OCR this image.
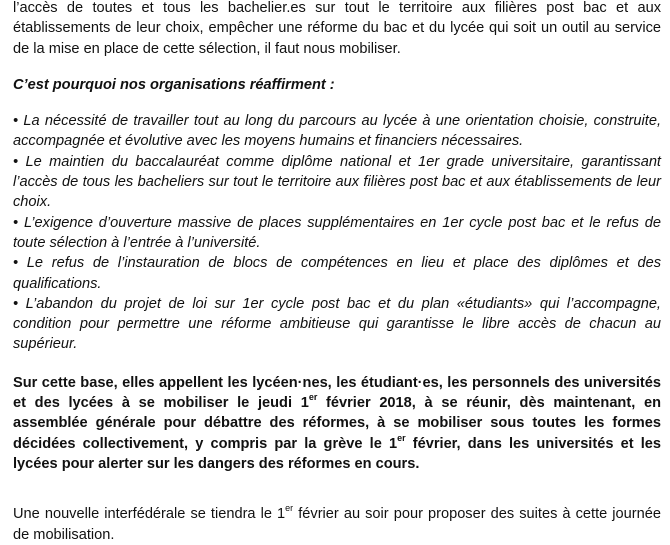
l’accès de toutes et tous les bachelier.es sur tout le territoire aux filières post bac et aux établissements de leur choix, empêcher une réforme du bac et du lycée qui soit un outil au service de la mise en place de cette sélection, il faut nous mobiliser.

C’est pourquoi nos organisations réaffirment :

• La nécessité de travailler tout au long du parcours au lycée à une orientation choisie, construite, accompagnée et évolutive avec les moyens humains et financiers nécessaires.

• Le maintien du baccalauréat comme diplôme national et 1er grade universitaire, garantissant l’accès de tous les bacheliers sur tout le territoire aux filières post bac et aux établissements de leur choix.

• L’exigence d’ouverture massive de places supplémentaires en 1er cycle post bac et le refus de toute sélection à l’entrée à l’université.

• Le refus de l’instauration de blocs de compétences en lieu et place des diplômes et des qualifications.

• L’abandon du projet de loi sur 1er cycle post bac et du plan «étudiants» qui l’accompagne, condition pour permettre une réforme ambitieuse qui garantisse le libre accès de chacun au supérieur.

Sur cette base, elles appellent les lycéen·nes, les étudiant·es, les personnels des universités et des lycées à se mobiliser le jeudi 1er février 2018, à se réunir, dès maintenant, en assemblée générale pour débattre des réformes, à se mobiliser sous toutes les formes décidées collectivement, y compris par la grève le 1er février, dans les universités et les lycées pour alerter sur les dangers des réformes en cours.

Une nouvelle interfédérale se tiendra le 1er février au soir pour proposer des suites à cette journée de mobilisation.
